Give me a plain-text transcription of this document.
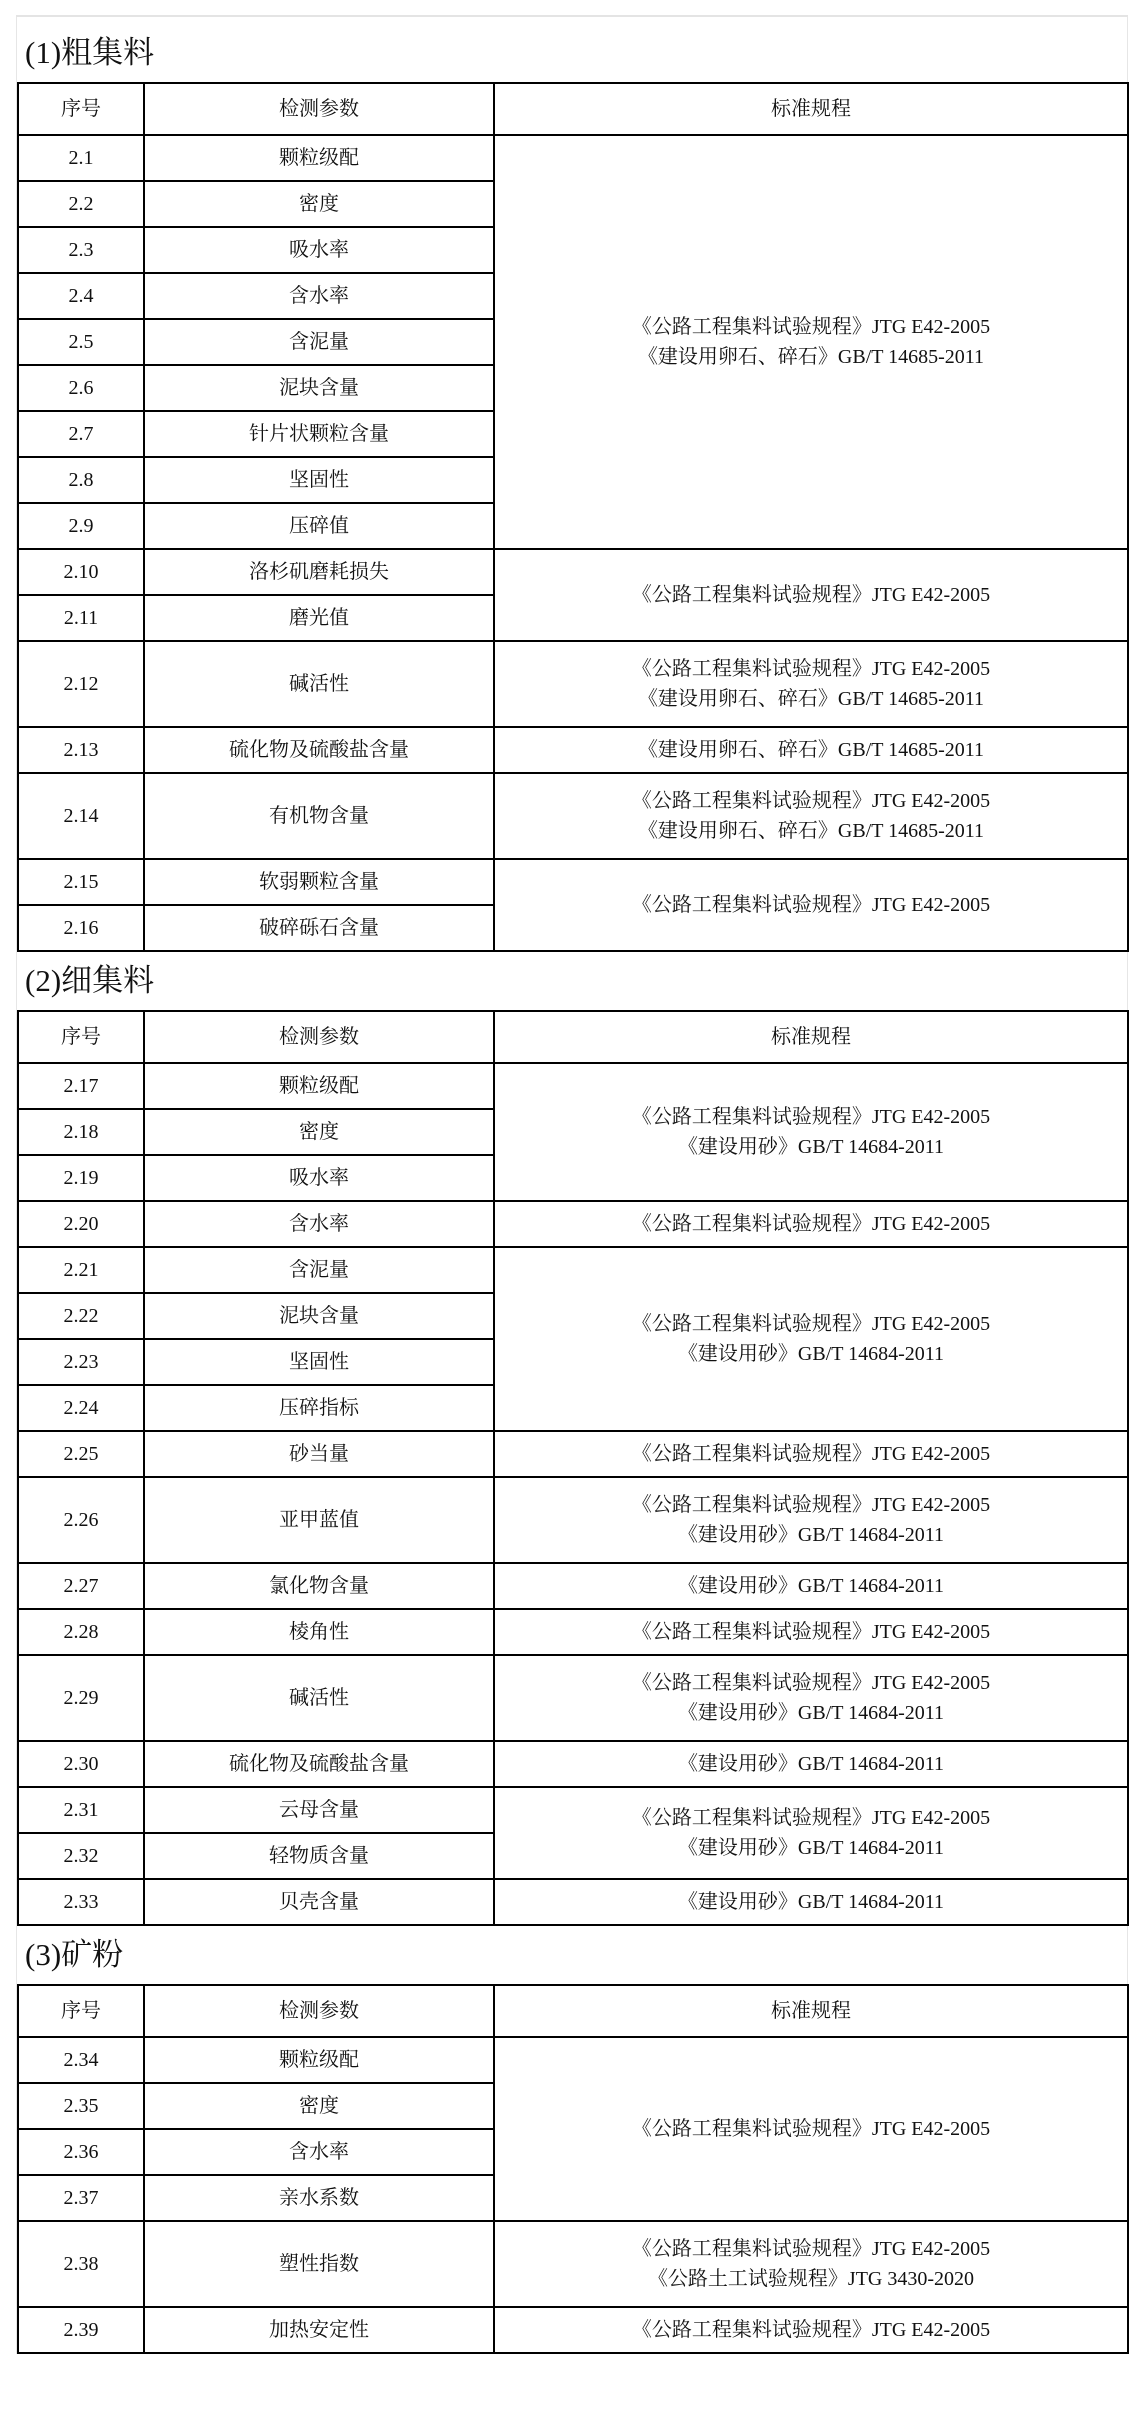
(1)粗集料
序号	检测参数	标准规程
2.1	颗粒级配	《公路工程集料试验规程》JTG E42-2005
《建设用卵石、碎石》GB/T 14685-2011

2.2	密度	
2.3	吸水率	
2.4	含水率	
2.5	含泥量	
2.6	泥块含量	
2.7	针片状颗粒含量	
2.8	坚固性	
2.9	压碎值	
2.10	洛杉矶磨耗损失	《公路工程集料试验规程》JTG E42-2005

2.11	磨光值	
2.12	碱活性	《公路工程集料试验规程》JTG E42-2005
《建设用卵石、碎石》GB/T 14685-2011

2.13	硫化物及硫酸盐含量	《建设用卵石、碎石》GB/T 14685-2011

2.14	有机物含量	《公路工程集料试验规程》JTG E42-2005
《建设用卵石、碎石》GB/T 14685-2011

2.15	软弱颗粒含量	《公路工程集料试验规程》JTG E42-2005

2.16	破碎砾石含量	
(2)细集料
序号	检测参数	标准规程
2.17	颗粒级配	《公路工程集料试验规程》JTG E42-2005
《建设用砂》GB/T 14684-2011

2.18	密度	
2.19	吸水率	
2.20	含水率	《公路工程集料试验规程》JTG E42-2005

2.21	含泥量	《公路工程集料试验规程》JTG E42-2005
《建设用砂》GB/T 14684-2011

2.22	泥块含量	
2.23	坚固性	
2.24	压碎指标	
2.25	砂当量	《公路工程集料试验规程》JTG E42-2005

2.26	亚甲蓝值	《公路工程集料试验规程》JTG E42-2005
《建设用砂》GB/T 14684-2011

2.27	氯化物含量	《建设用砂》GB/T 14684-2011

2.28	棱角性	《公路工程集料试验规程》JTG E42-2005

2.29	碱活性	《公路工程集料试验规程》JTG E42-2005
《建设用砂》GB/T 14684-2011

2.30	硫化物及硫酸盐含量	《建设用砂》GB/T 14684-2011

2.31	云母含量	《公路工程集料试验规程》JTG E42-2005
《建设用砂》GB/T 14684-2011

2.32	轻物质含量	
2.33	贝壳含量	《建设用砂》GB/T 14684-2011
(3)矿粉
序号	检测参数	标准规程
2.34	颗粒级配	《公路工程集料试验规程》JTG E42-2005

2.35	密度	
2.36	含水率	
2.37	亲水系数	
2.38	塑性指数	《公路工程集料试验规程》JTG E42-2005
《公路土工试验规程》JTG 3430-2020

2.39	加热安定性	《公路工程集料试验规程》JTG E42-2005
